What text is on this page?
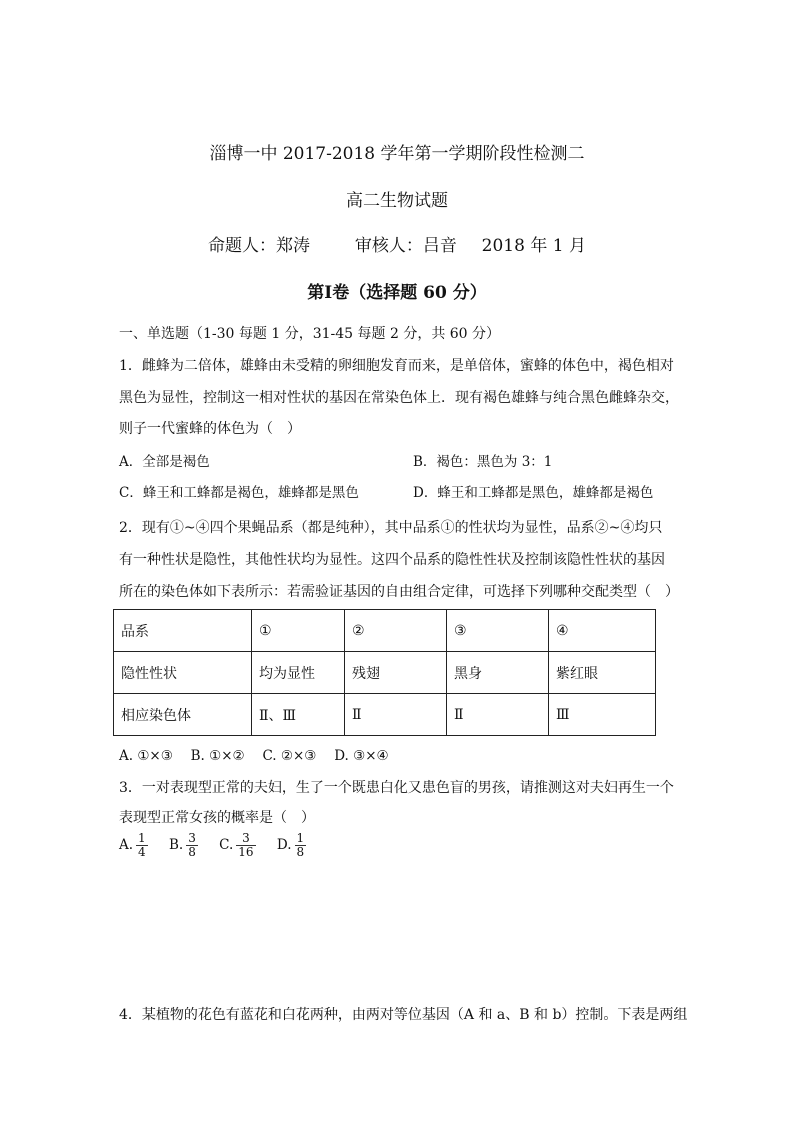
淄博一中 2017-2018 学年第一学期阶段性检测二
高二生物试题
命题人：郑涛	审核人：吕音 2018 年 1 月
第Ⅰ卷（选择题 60 分）
一、单选题（1-30 每题 1 分，31-45 每题 2 分，共 60 分）
1．雌蜂为二倍体，雄蜂由未受精的卵细胞发育而来，是单倍体，蜜蜂的体色中，褐色相对
黑色为显性，控制这一相对性状的基因在常染色体上．现有褐色雄蜂与纯合黑色雌蜂杂交，
则子一代蜜蜂的体色为（　）
A．全部是褐色	B．褐色：黑色为 3：1
C．蜂王和工蜂都是褐色，雄蜂都是黑色	D．蜂王和工蜂都是黑色，雄蜂都是褐色
2．现有①~④四个果蝇品系（都是纯种），其中品系①的性状均为显性，品系②~④均只
有一种性状是隐性，其他性状均为显性。这四个品系的隐性性状及控制该隐性性状的基因
所在的染色体如下表所示：若需验证基因的自由组合定律，可选择下列哪种交配类型（　）
品系	①	②	③	④
隐性性状	均为显性	残翅	黑身	紫红眼
相应染色体	Ⅱ、Ⅲ	Ⅱ	Ⅱ	Ⅲ
A. ①×③　 B. ①×②　 C. ②×③　 D. ③×④
3．一对表现型正常的夫妇，生了一个既患白化又患色盲的男孩，请推测这对夫妇再生一个
表现型正常女孩的概率是（　）
A. $\frac{1}{4} B$. $\frac{3}{8} C$. $\frac{3}{16} D$. $\frac{1}{8}$
4．某植物的花色有蓝花和白花两种，由两对等位基因（A 和 a、B 和 b）控制。下表是两组
